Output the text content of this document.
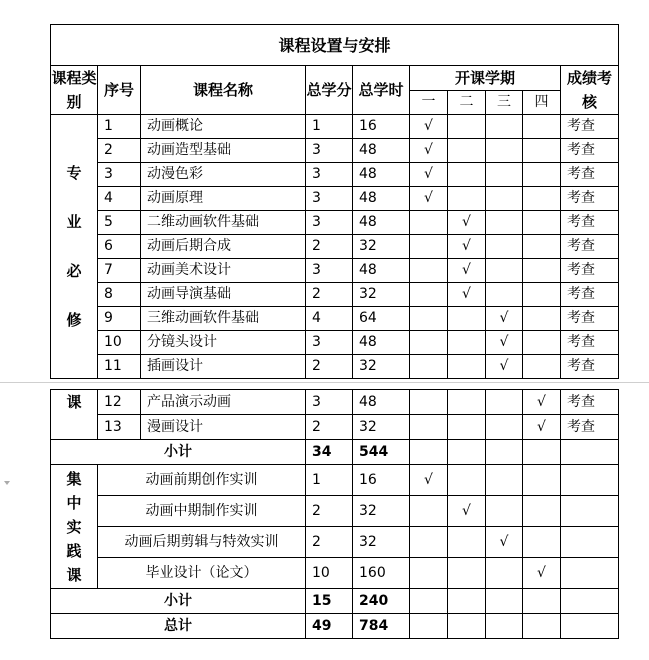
课程设置与安排									
课程类别	序号	课程名称	总学分	总学时	开课学期				成绩考核
					一	二	三	四	

专
业
必
修	1	动画概论	1	16	√				考查
	2	动画造型基础	3	48	√				考查
	3	动漫色彩	3	48	√				考查
	4	动画原理	3	48	√				考查
	5	二维动画软件基础	3	48		√			考查
	6	动画后期合成	2	32		√			考查
	7	动画美术设计	3	48		√			考查
	8	动画导演基础	2	32		√			考查
	9	三维动画软件基础	4	64			√		考查
	10	分镜头设计	3	48			√		考查
	11	插画设计	2	32			√		考查
课	12	产品演示动画	3	48				√	考查
	13	漫画设计	2	32				√	考查
小计			34	544					

集
中
实
践
课	动画前期创作实训		1	16	√				
	动画中期制作实训		2	32		√			
	动画后期剪辑与特效实训		2	32			√		
	毕业设计（论文）		10	160				√	
小计			15	240					
总计			49	784					
